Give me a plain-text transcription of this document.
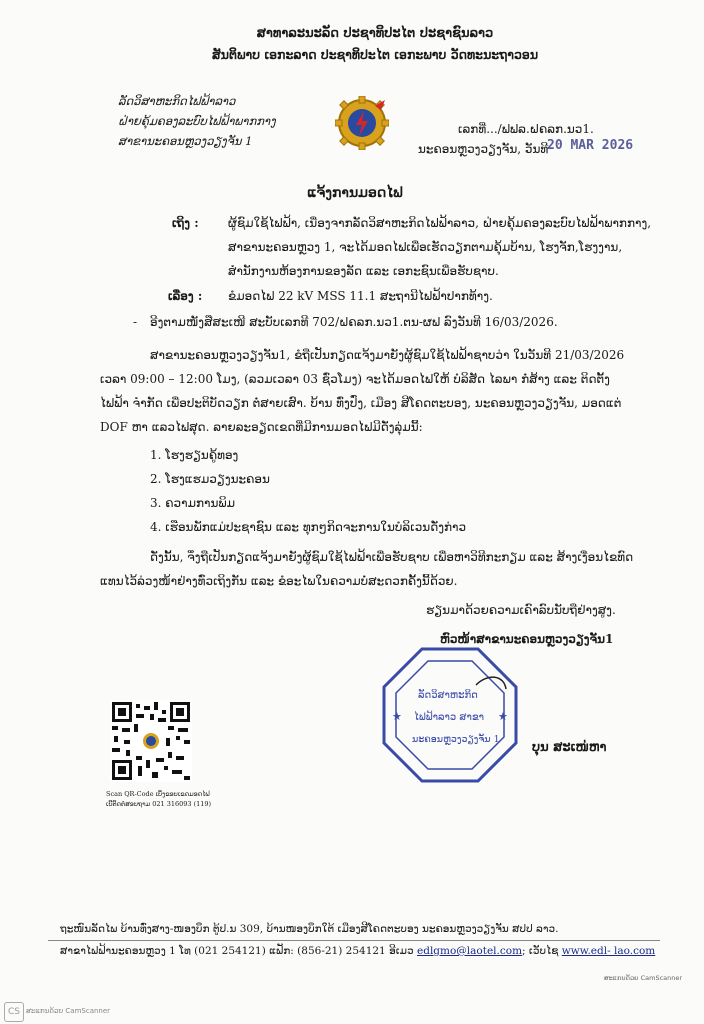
ສາທາລະນະລັດ ປະຊາທິປະໄຕ ປະຊາຊົນລາວ
ສັນຕິພາບ ເອກະລາດ ປະຊາທິປະໄຕ ເອກະພາບ ວັດທະນະຖາວອນ
ລັດວິສາຫະກິດໄຟຟ້າລາວ
ຝ່າຍຄຸ້ມຄອງລະບົບໄຟຟ້າພາກກາງ
ສາຂານະຄອນຫຼວງວຽງຈັນ 1
ເລກທີ່.../ຟຟລ.ຝຄລກ.ນວ1.
ນະຄອນຫຼວງວຽງຈັນ, ວັນທີ
20 MAR 2026
ແຈ້ງການມອດໄຟ
ເຖິງ : ຜູ້ຊົມໃຊ້ໄຟຟ້າ, ເນື່ອງຈາກລັດວິສາຫະກິດໄຟຟ້າລາວ, ຝ່າຍຄຸ້ມຄອງລະບົບໄຟຟ້າພາກກາງ,
ສາຂານະຄອນຫຼວງ 1, ຈະໄດ້ມອດໄຟເພື່ອເຮັດວຽກຕາມຄຸ້ມບ້ານ, ໂຮງຈັກ,ໂຮງງານ,
ສຳນັກງານຫ້ອງການຂອງລັດ ແລະ ເອກະຊົນເພື່ອຮັບຊາບ.
ເລື່ອງ : ຂໍມອດໄຟ 22 kV MSS 11.1 ສະຖານີໄຟຟ້າປາກທ້າງ.
- ອີງຕາມໜັງສືສະເໜີ ສະບັບເລກທີ 702/ຝຄລກ.ນວ1.ຕນ-ຜຟ ລົງວັນທີ 16/03/2026.
ສາຂານະຄອນຫຼວງວຽງຈັນ1, ຂໍຖືເປັນກຽດແຈ້ງມາຍັງຜູ້ຊົມໃຊ້ໄຟຟ້າຊາບວ່າ ໃນວັນທີ 21/03/2026
ເວລາ 09:00 – 12:00 ໂມງ, (ລວມເວລາ 03 ຊົ່ວໂມງ) ຈະໄດ້ມອດໄຟໃຫ້ ບໍລິສັດ ໄລພາ ກໍ່ສ້າງ ແລະ ຕິດຕັ້ງ
ໄຟຟ້າ ຈຳກັດ ເພື່ອປະຕິບັດວຽກ ຕໍ່ສາຍເສົາ. ບ້ານ ທົ່ງປົ່ງ, ເມືອງ ສີໂຄດຕະບອງ, ນະຄອນຫຼວງວຽງຈັນ, ມອດແຕ່
DOF ຫາ ແລວໄຟສຸດ. ລາຍລະອຽດເຂດທີ່ມີການມອດໄຟມີດັ່ງລຸ່ມນີ້:
1. ໂຮງຮຽນຄູ້ທອງ
2. ໂຮງແຮມວຽງນະຄອນ
3. ຄວາມການພິມ
4. ເຮືອນພັກແມ່ປະຊາຊົນ ແລະ ທຸກໆກິດຈະການໃນບໍລິເວນດັ່ງກ່າວ
ດັ່ງນັ້ນ, ຈຶ່ງຖືເປັນກຽດແຈ້ງມາຍັງຜູ້ຊົມໃຊ້ໄຟຟ້າເພື່ອຮັບຊາບ ເພື່ອຫາວິທີກະກຽມ ແລະ ສ້າງເງື່ອນໄຂທົດ
ແທນໄວ້ລ່ວງໜ້າຢ່າງທົ່ວເຖິງກັນ ແລະ ຂໍອະໄພໃນຄວາມບໍ່ສະດວກຄັ້ງນີ້ດ້ວຍ.
ຮຽນມາດ້ວຍຄວາມເຄົາລົບນັບຖືຢ່າງສູງ.
ຫົວໜ້າສາຂານະຄອນຫຼວງວຽງຈັນ1
★	★
ລັດວິສາຫະກິດ
ໄຟຟ້າລາວ ສາຂາ
ນະຄອນຫຼວງວຽງຈັນ 1
ບຸນ ສະເໜ່ຫາ
Scan QR-Code ເບິ່ງຂອບເຂດມອດໄຟ
ເບີຕິດຕໍ່ສອບຖາມ 021 316093 (119)
ຖະໜົນລັດໄພ ບ້ານທົ່ງສາງ-ໜອງບຶກ ຕູ້ປ.ນ 309, ບ້ານໜອງບຶກໃຕ້ ເມືອງສີໂຄດຕະບອງ ນະຄອນຫຼວງວຽງຈັນ ສປປ ລາວ.
ສາຂາໄຟຟ້ານະຄອນຫຼວງ 1 ໂທ (021 254121) ແຟັກ: (856-21) 254121 ອີເມວ edlgmo@laotel.com; ເວັບໄຊ www.edl- lao.com
ສະແກນດ້ວຍ CamScanner
CS ສະແກນດ້ວຍ CamScanner
